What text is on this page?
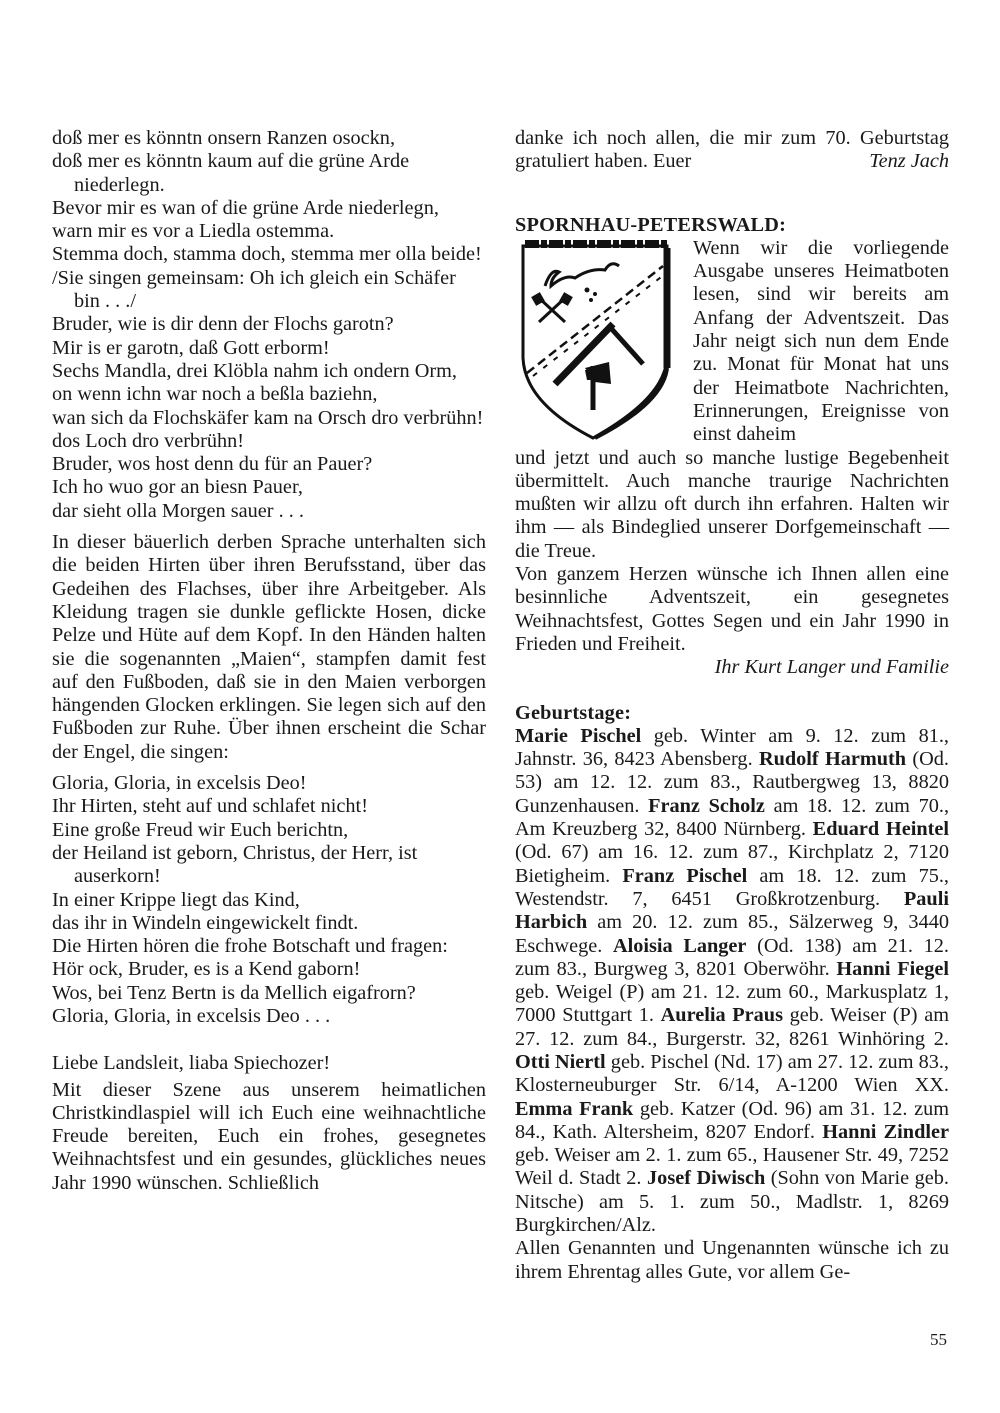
doß mer es könntn onsern Ranzen osockn,

doß mer es könntn kaum auf die grüne Arde niederlegn.

Bevor mir es wan of die grüne Arde niederlegn,

warn mir es vor a Liedla ostemma.

Stemma doch, stamma doch, stemma mer olla beide!

/Sie singen gemeinsam: Oh ich gleich ein Schäfer bin . . ./

Bruder, wie is dir denn der Flochs garotn?

Mir is er garotn, daß Gott erborm!

Sechs Mandla, drei Klöbla nahm ich ondern Orm,

on wenn ichn war noch a beßla baziehn,

wan sich da Flochskäfer kam na Orsch dro verbrühn!

dos Loch dro verbrühn!

Bruder, wos host denn du für an Pauer?

Ich ho wuo gor an biesn Pauer,

dar sieht olla Morgen sauer . . .

In dieser bäuerlich derben Sprache unterhalten sich die beiden Hirten über ihren Berufsstand, über das Gedeihen des Flachses, über ihre Arbeitgeber. Als Kleidung tragen sie dunkle geflickte Hosen, dicke Pelze und Hüte auf dem Kopf. In den Händen halten sie die sogenannten „Maien“, stampfen damit fest auf den Fußboden, daß sie in den Maien verborgen hängenden Glocken erklingen. Sie legen sich auf den Fußboden zur Ruhe. Über ihnen erscheint die Schar der Engel, die singen:

Gloria, Gloria, in excelsis Deo!

Ihr Hirten, steht auf und schlafet nicht!

Eine große Freud wir Euch berichtn,

der Heiland ist geborn, Christus, der Herr, ist auserkorn!

In einer Krippe liegt das Kind,

das ihr in Windeln eingewickelt findt.

Die Hirten hören die frohe Botschaft und fragen:

Hör ock, Bruder, es is a Kend gaborn!

Wos, bei Tenz Bertn is da Mellich eigafrorn?

Gloria, Gloria, in excelsis Deo . . .

Liebe Landsleit, liaba Spiechozer!

Mit dieser Szene aus unserem heimatlichen Christkindlaspiel will ich Euch eine weihnachtliche Freude bereiten, Euch ein frohes, gesegnetes Weihnachtsfest und ein gesundes, glückliches neues Jahr 1990 wünschen. Schließlich

danke ich noch allen, die mir zum 70. Geburtstag gratuliert haben. Euer	Tenz Jach

SPORNHAU-PETERSWALD:

Wenn wir die vorliegende Ausgabe unseres Heimatboten lesen, sind wir bereits am Anfang der Adventszeit. Das Jahr neigt sich nun dem Ende zu. Monat für Monat hat uns der Heimatbote Nachrichten, Erinnerungen, Ereignisse von einst daheim

und jetzt und auch so manche lustige Begebenheit übermittelt. Auch manche traurige Nachrichten mußten wir allzu oft durch ihn erfahren. Halten wir ihm — als Bindeglied unserer Dorfgemeinschaft — die Treue.

Von ganzem Herzen wünsche ich Ihnen allen eine besinnliche Adventszeit, ein gesegnetes Weihnachtsfest, Gottes Segen und ein Jahr 1990 in Frieden und Freiheit.

Ihr Kurt Langer und Familie

Geburtstage:

Marie Pischel geb. Winter am 9. 12. zum 81., Jahnstr. 36, 8423 Abensberg. Rudolf Harmuth (Od. 53) am 12. 12. zum 83., Rautbergweg 13, 8820 Gunzenhausen. Franz Scholz am 18. 12. zum 70., Am Kreuzberg 32, 8400 Nürnberg. Eduard Heintel (Od. 67) am 16. 12. zum 87., Kirchplatz 2, 7120 Bietigheim. Franz Pischel am 18. 12. zum 75., Westendstr. 7, 6451 Großkrotzenburg. Pauli Harbich am 20. 12. zum 85., Sälzerweg 9, 3440 Eschwege. Aloisia Langer (Od. 138) am 21. 12. zum 83., Burgweg 3, 8201 Oberwöhr. Hanni Fiegel geb. Weigel (P) am 21. 12. zum 60., Markusplatz 1, 7000 Stuttgart 1. Aurelia Praus geb. Weiser (P) am 27. 12. zum 84., Burgerstr. 32, 8261 Winhöring 2. Otti Niertl geb. Pischel (Nd. 17) am 27. 12. zum 83., Klosterneuburger Str. 6/14, A-1200 Wien XX. Emma Frank geb. Katzer (Od. 96) am 31. 12. zum 84., Kath. Altersheim, 8207 Endorf. Hanni Zindler geb. Weiser am 2. 1. zum 65., Hausener Str. 49, 7252 Weil d. Stadt 2. Josef Diwisch (Sohn von Marie geb. Nitsche) am 5. 1. zum 50., Madlstr. 1, 8269 Burgkirchen/Alz.

Allen Genannten und Ungenannten wünsche ich zu ihrem Ehrentag alles Gute, vor allem Ge-

55
